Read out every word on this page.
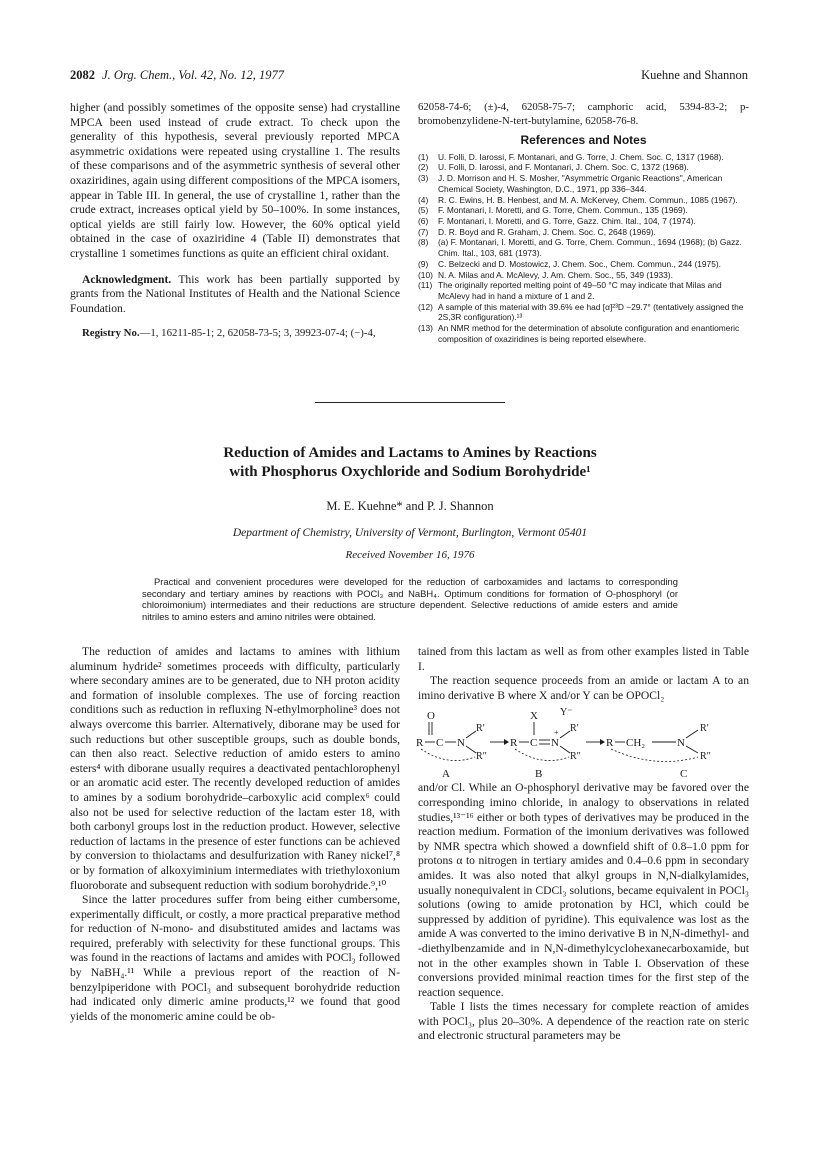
2082 J. Org. Chem., Vol. 42, No. 12, 1977	Kuehne and Shannon

higher (and possibly sometimes of the opposite sense) had crystalline MPCA been used instead of crude extract. To check upon the generality of this hypothesis, several previously reported MPCA asymmetric oxidations were repeated using crystalline 1. The results of these comparisons and of the asymmetric synthesis of several other oxaziridines, again using different compositions of the MPCA isomers, appear in Table III. In general, the use of crystalline 1, rather than the crude extract, increases optical yield by 50–100%. In some instances, optical yields are still fairly low. However, the 60% optical yield obtained in the case of oxaziridine 4 (Table II) demonstrates that crystalline 1 sometimes functions as quite an efficient chiral oxidant.

Acknowledgment. This work has been partially supported by grants from the National Institutes of Health and the National Science Foundation.

Registry No.—1, 16211-85-1; 2, 62058-73-5; 3, 39923-07-4; (−)-4,

62058-74-6; (±)-4, 62058-75-7; camphoric acid, 5394-83-2; p-bromobenzylidene-N-tert-butylamine, 62058-76-8.

References and Notes
(1) U. Folli, D. Iarossi, F. Montanari, and G. Torre, J. Chem. Soc. C, 1317 (1968).
(2) U. Folli, D. Iarossi, and F. Montanari, J. Chem. Soc. C, 1372 (1968).
(3) J. D. Morrison and H. S. Mosher, "Asymmetric Organic Reactions", American Chemical Society, Washington, D.C., 1971, pp 336–344.
(4) R. C. Ewins, H. B. Henbest, and M. A. McKervey, Chem. Commun., 1085 (1967).
(5) F. Montanari, I. Moretti, and G. Torre, Chem. Commun., 135 (1969).
(6) F. Montanari, I. Moretti, and G. Torre, Gazz. Chim. Ital., 104, 7 (1974).
(7) D. R. Boyd and R. Graham, J. Chem. Soc. C, 2648 (1969).
(8) (a) F. Montanari, I. Moretti, and G. Torre, Chem. Commun., 1694 (1968); (b) Gazz. Chim. Ital., 103, 681 (1973).
(9) C. Belzecki and D. Mostowicz, J. Chem. Soc., Chem. Commun., 244 (1975).
(10) N. A. Milas and A. McAlevy, J. Am. Chem. Soc., 55, 349 (1933).
(11) The originally reported melting point of 49–50 °C may indicate that Milas and McAlevy had in hand a mixture of 1 and 2.
(12) A sample of this material with 39.6% ee had [α]²³D −29.7° (tentatively assigned the 2S,3R configuration).¹³
(13) An NMR method for the determination of absolute configuration and enantiomeric composition of oxaziridines is being reported elsewhere.
Reduction of Amides and Lactams to Amines by Reactions
with Phosphorus Oxychloride and Sodium Borohydride¹
M. E. Kuehne* and P. J. Shannon
Department of Chemistry, University of Vermont, Burlington, Vermont 05401
Received November 16, 1976
Practical and convenient procedures were developed for the reduction of carboxamides and lactams to corresponding secondary and tertiary amines by reactions with POCl₃ and NaBH₄. Optimum conditions for formation of O-phosphoryl (or chloroimonium) intermediates and their reductions are structure dependent. Selective reductions of amide esters and amide nitriles to amino esters and amino nitriles were obtained.

The reduction of amides and lactams to amines with lithium aluminum hydride² sometimes proceeds with difficulty, particularly where secondary amines are to be generated, due to NH proton acidity and formation of insoluble complexes. The use of forcing reaction conditions such as reduction in refluxing N-ethylmorpholine³ does not always overcome this barrier. Alternatively, diborane may be used for such reductions but other susceptible groups, such as double bonds, can then also react. Selective reduction of amido esters to amino esters⁴ with diborane usually requires a deactivated pentachlorophenyl or an aromatic acid ester. The recently developed reduction of amides to amines by a sodium borohydride–carboxylic acid complex⁶ could also not be used for selective reduction of the lactam ester 18, with both carbonyl groups lost in the reduction product. However, selective reduction of lactams in the presence of ester functions can be achieved by conversion to thiolactams and desulfurization with Raney nickel⁷,⁸ or by formation of alkoxyiminium intermediates with triethyloxonium fluoroborate and subsequent reduction with sodium borohydride.⁹,¹⁰

Since the latter procedures suffer from being either cumbersome, experimentally difficult, or costly, a more practical preparative method for reduction of N-mono- and disubstituted amides and lactams was required, preferably with selectivity for these functional groups. This was found in the reactions of lactams and amides with POCl₃ followed by NaBH₄.¹¹ While a previous report of the reaction of N-benzylpiperidone with POCl₃ and subsequent borohydride reduction had indicated only dimeric amine products,¹² we found that good yields of the monomeric amine could be ob-

tained from this lactam as well as from other examples listed in Table I.

The reaction sequence proceeds from an amide or lactam A to an imino derivative B where X and/or Y can be OPOCl₂

O
R C N
R′
R″
A
R C
X
N
+
Y⁻
R′
R″
B
R CH₂	N
R′
R″
C

and/or Cl. While an O-phosphoryl derivative may be favored over the corresponding imino chloride, in analogy to observations in related studies,¹³⁻¹⁶ either or both types of derivatives may be produced in the reaction medium. Formation of the imonium derivatives was followed by NMR spectra which showed a downfield shift of 0.8–1.0 ppm for protons α to nitrogen in tertiary amides and 0.4–0.6 ppm in secondary amides. It was also noted that alkyl groups in N,N-dialkylamides, usually nonequivalent in CDCl₃ solutions, became equivalent in POCl₃ solutions (owing to amide protonation by HCl, which could be suppressed by addition of pyridine). This equivalence was lost as the amide A was converted to the imino derivative B in N,N-dimethyl- and -diethylbenzamide and in N,N-dimethylcyclohexanecarboxamide, but not in the other examples shown in Table I. Observation of these conversions provided minimal reaction times for the first step of the reaction sequence.

Table I lists the times necessary for complete reaction of amides with POCl₃, plus 20–30%. A dependence of the reaction rate on steric and electronic structural parameters may be
